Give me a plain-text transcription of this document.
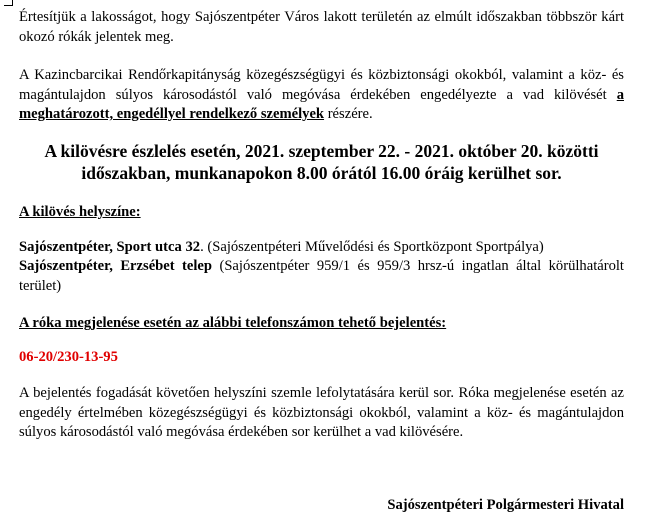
Értesítjük a lakosságot, hogy Sajószentpéter Város lakott területén az elmúlt időszakban többször kárt okozó rókák jelentek meg.

A Kazincbarcikai Rendőrkapitányság közegészségügyi és közbiztonsági okokból, valamint a köz- és magántulajdon súlyos károsodástól való megóvása érdekében engedélyezte a vad kilövését a meghatározott, engedéllyel rendelkező személyek részére.

A kilövésre észlelés esetén, 2021. szeptember 22. - 2021. október 20. közötti időszakban, munkanapokon 8.00 órától 16.00 óráig kerülhet sor.
A kilövés helyszíne:

Sajószentpéter, Sport utca 32. (Sajószentpéteri Művelődési és Sportközpont Sportpálya)

Sajószentpéter, Erzsébet telep (Sajószentpéter 959/1 és 959/3 hrsz-ú ingatlan által körülhatárolt terület)

A róka megjelenése esetén az alábbi telefonszámon tehető bejelentés:
06-20/230-13-95

A bejelentés fogadását követően helyszíni szemle lefolytatására kerül sor. Róka megjelenése esetén az engedély értelmében közegészségügyi és közbiztonsági okokból, valamint a köz- és magántulajdon súlyos károsodástól való megóvása érdekében sor kerülhet a vad kilövésére.

Sajószentpéteri Polgármesteri Hivatal
